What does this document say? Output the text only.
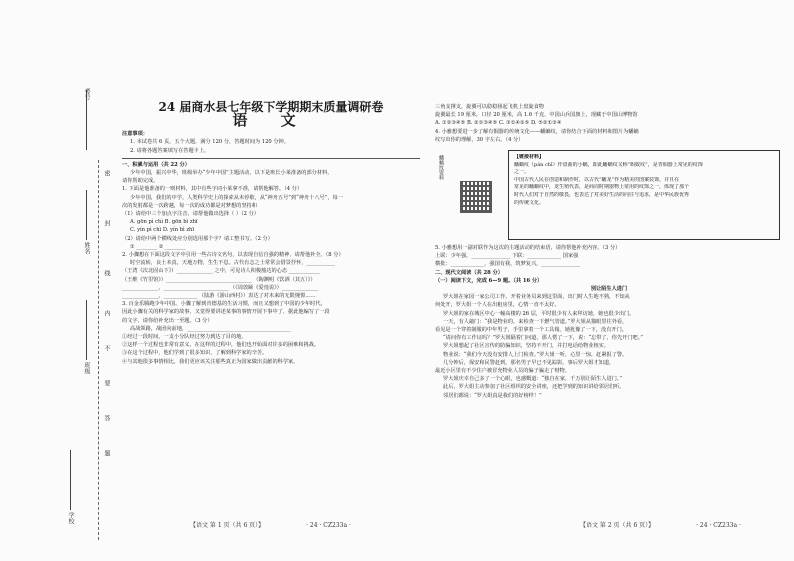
考号
姓名
班级
学校
密
封
线
内
不
要
答
题

24 届商水县七年级下学期期末质量调研卷

语 文

注意事项：

1. 本试卷共 6 页，五个大题，满分 120 分，答题时间为 120 分钟。

2. 请将各题答案填写在答题卡上。

一、积累与运用（共 22 分）

少年中国，振兴中华，班级举办“少年中国”主题活动，以下是班长小莱准备的部分材料，

请你帮助完成。

1. 下面是他准备的一则材料，其中有些字词小莱拿不准，请帮他解答。（4 分）

少年中国，我们的中学。人类科学史上的探索从未停歇，从“神舟五号”到“神舟十八号”，每一

次的发射都是一次跨越，每一次的成功都是对梦想的坚持和

（1）请给中三个加点字注音，请帮他做出选择（ ）（2 分）

A. gōn pì chì B. gōn bì zhī

C. yín pì chì D. yín bì zhī

（2）请给中两个横线处应分别选用那个字？请工整书写。（2 分）

① ________ ② ________

2. 小骤想在下面这段文字中引用一些古诗文名句，以表现自信自强的精神，请帮他补全。（8 分）

时空流转，良士本真，天地万物，生生不息。古代有志之士常常会借景抒怀，___________

（王湾《次北固山下》）______________ 之中，可见诗人积极豁达的心态 ____________

（王维《竹里馆》）_________________________________ （陶渊明《饮酒（其五）》）

______________，_________________________ （《周敦颐《爱莲说》）______________

______________，_____________ （陆游《游山西村》）表达了对未来的无限憧憬……

3. 百金乐腾跑少年中国。小骤了解到肯德基的生活习惯，而且又想到了中国的少年时代，

因此小骤有关的科学家的故事，又觉得要讲述某事的事情开展下事中了，据此他编写了一段

的文字，请你给补充出一至题。（3 分）

高战领路，战团向前地，________________________________________

①经过一段时间，一支小分队经过努力到达了目的地。

②这样一个过程也非常有意义，在这样的过程中，他们也开始面对许多的困难和挑战。

③在这个过程中，他们学到了很多知识，了解到科学家的辛苦。

④与其他很多事情相比，我们更应该关注那些真正为国家做出贡献的科学家。

三角支撑支，旋翼可以稳稳扬起飞机上盘旋食物

旋翼最长 19 厘米，口径 20 厘米，高 1.6 千克，中国山兵国旗上，现藏于中国山博物馆

A. ①②③④⑤ B. ②①③④⑤ C. ③①④②⑤ D. ⑤②①③④

4. 小雅想要进一步了解有铜器的传统文化——蟠螭纹，请你结合下面的材料和图片为蟠螭

纹写出你的理解，30 字左右。（4 分）

蟠螭纹资料	【链接材料】

蟠螭纹（pán chī）作盘曲的小螭，即此蟠螭纹又称“蚂蚁纹”，是青铜器上常见的纹饰

之一。

中国古代人民在创造和制作时，以古代“蟠龙”作为精美的图案装饰，并且在

常见的蟠螭纹中，龙生殖代表，是商周时期器物上常用的纹饰之一，体现了那个

时代人们对于自然的敬畏，也表达了对美好生活的向往与追求，是中华民族优秀

的传统文化。

5. 小雅想用一副对联作为这次的主题活动的结束语，请你帮他补充内容。（3 分）

上联：少年强，_______________ 下联：_____________ 国家强

横批：_____________，强国有我，筑梦复兴，_______________

二、现代文阅读（共 28 分）

（一）阅读下文，完成 6—9 题。（共 16 分）

别让陌生人进门

罗大姐在家园一家公司工作。开着业务员来到这里面，出门时人生地不熟，不知从

何处开，罗大姐一个人在出租房里，心情一直不太好。

罗大姐的家在城区中心一幢高楼的 26 层，平时很少有人来拜访她，她也很少出门。

一天，有人敲门：“我是物业的，来检查一下燃气管道。”罗大姐从猫眼里往外看，

看见是一个穿着制服的中年男子，手里拿着一个工具箱。她犹豫了一下，没有开门。

“请问你有工作证吗？”罗大姐隔着门问道。那人愣了一下，说：“忘带了，你先开门吧。”

罗大姐想起了社区宣传的防骗知识，坚持不开门，并打电话给物业核实。

物业说：“我们今天没有安排人上门检查。”罗大姐一听，心里一惊，赶紧报了警。

几分钟后，保安和民警赶到，那名男子早已不见踪影。事后罗大姐才知道，

最近小区里有不少住户被冒充物业人员的骗子骗走了财物。

罗大姐庆幸自己多了一个心眼，也感慨道：“独自在家，千万别让陌生人进门。”

此后，罗大姐主动参加了社区组织的安全讲座，还把学到的知识讲给邻居们听。

邻居们都说：“罗大姐真是我们的好榜样！”

【语文 第 1 页（共 6 页）】	· 24 · CZ233a ·	【语文 第 2 页（共 6 页）】	· 24 · CZ233a ·
